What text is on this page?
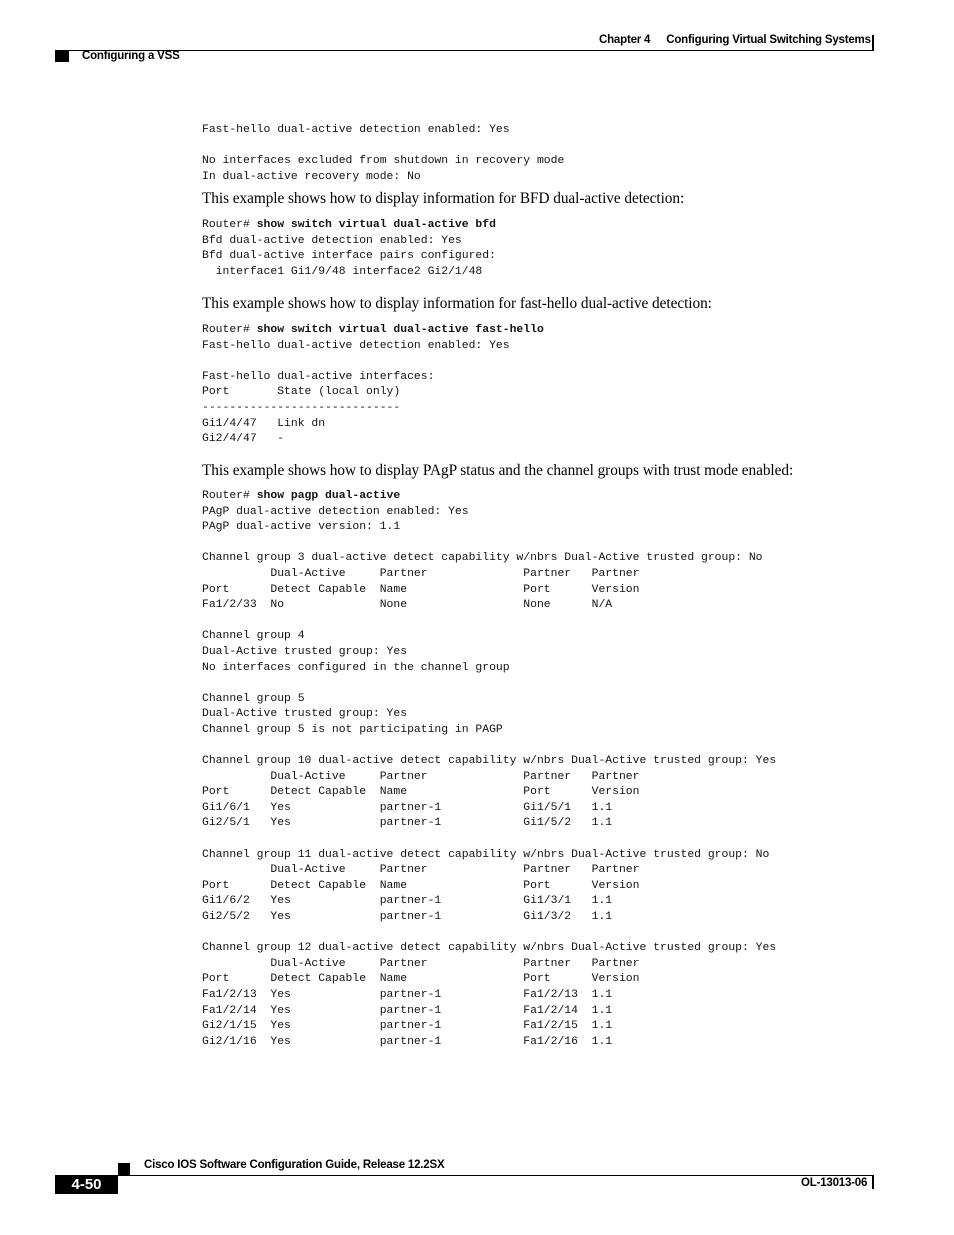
Chapter 4 Configuring Virtual Switching Systems
Configuring a VSS
Fast-hello dual-active detection enabled: Yes
No interfaces excluded from shutdown in recovery mode
In dual-active recovery mode: No
This example shows how to display information for BFD dual-active detection:
Router# show switch virtual dual-active bfd
Bfd dual-active detection enabled: Yes
Bfd dual-active interface pairs configured:
interface1 Gi1/9/48 interface2 Gi2/1/48
This example shows how to display information for fast-hello dual-active detection:
Router# show switch virtual dual-active fast-hello
Fast-hello dual-active detection enabled: Yes
Fast-hello dual-active interfaces:
Port       State (local only)
-----------------------------
Gi1/4/47   Link dn
Gi2/4/47   -
This example shows how to display PAgP status and the channel groups with trust mode enabled:
Router# show pagp dual-active
PAgP dual-active detection enabled: Yes
PAgP dual-active version: 1.1
Channel group 3 dual-active detect capability w/nbrs Dual-Active trusted group: No
Dual-Active     Partner              Partner   Partner
Port      Detect Capable  Name                 Port      Version
Fa1/2/33  No              None                 None      N/A
Channel group 4
Dual-Active trusted group: Yes
No interfaces configured in the channel group
Channel group 5
Dual-Active trusted group: Yes
Channel group 5 is not participating in PAGP
Channel group 10 dual-active detect capability w/nbrs Dual-Active trusted group: Yes
Dual-Active     Partner              Partner   Partner
Port      Detect Capable  Name                 Port      Version
Gi1/6/1   Yes             partner-1            Gi1/5/1   1.1
Gi2/5/1   Yes             partner-1            Gi1/5/2   1.1
Channel group 11 dual-active detect capability w/nbrs Dual-Active trusted group: No
Dual-Active     Partner              Partner   Partner
Port      Detect Capable  Name                 Port      Version
Gi1/6/2   Yes             partner-1            Gi1/3/1   1.1
Gi2/5/2   Yes             partner-1            Gi1/3/2   1.1
Channel group 12 dual-active detect capability w/nbrs Dual-Active trusted group: Yes
Dual-Active     Partner              Partner   Partner
Port      Detect Capable  Name                 Port      Version
Fa1/2/13  Yes             partner-1            Fa1/2/13  1.1
Fa1/2/14  Yes             partner-1            Fa1/2/14  1.1
Gi2/1/15  Yes             partner-1            Fa1/2/15  1.1
Gi2/1/16  Yes             partner-1            Fa1/2/16  1.1
Cisco IOS Software Configuration Guide, Release 12.2SX
4-50	OL-13013-06
